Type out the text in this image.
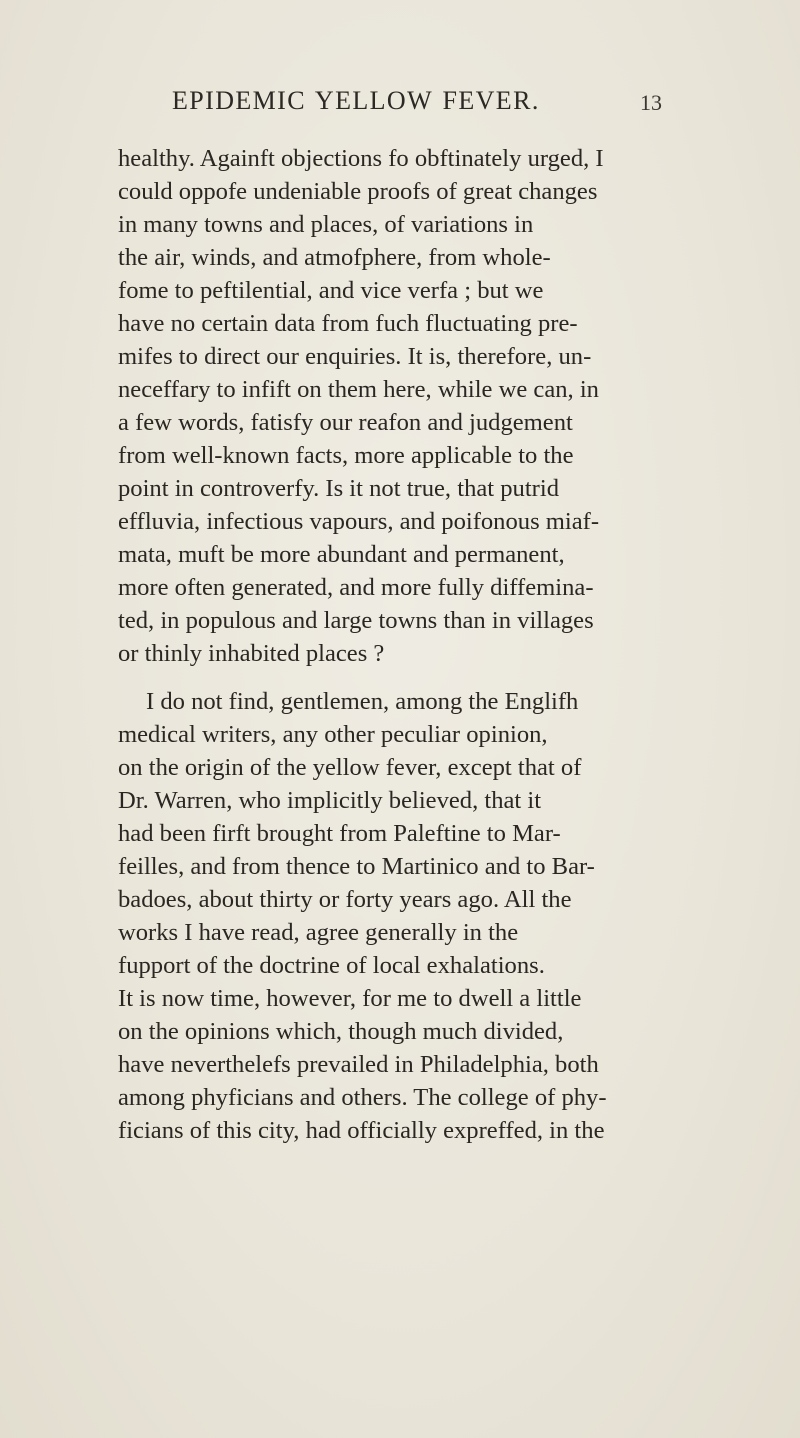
EPIDEMIC YELLOW FEVER.	13
healthy. Againft objections fo obftinately urged, I
could oppofe undeniable proofs of great changes
in many towns and places, of variations in
the air, winds, and atmofphere, from whole-
fome to peftilential, and vice verfa ; but we
have no certain data from fuch fluctuating pre-
mifes to direct our enquiries. It is, therefore, un-
neceffary to infift on them here, while we can, in
a few words, fatisfy our reafon and judgement
from well-known facts, more applicable to the
point in controverfy. Is it not true, that putrid
effluvia, infectious vapours, and poifonous miaf-
mata, muft be more abundant and permanent,
more often generated, and more fully diffemina-
ted, in populous and large towns than in villages
or thinly inhabited places ?
I do not find, gentlemen, among the Englifh
medical writers, any other peculiar opinion,
on the origin of the yellow fever, except that of
Dr. Warren, who implicitly believed, that it
had been firft brought from Paleftine to Mar-
feilles, and from thence to Martinico and to Bar-
badoes, about thirty or forty years ago. All the
works I have read, agree generally in the
fupport of the doctrine of local exhalations.
It is now time, however, for me to dwell a little
on the opinions which, though much divided,
have neverthelefs prevailed in Philadelphia, both
among phyficians and others. The college of phy-
ficians of this city, had officially expreffed, in the
